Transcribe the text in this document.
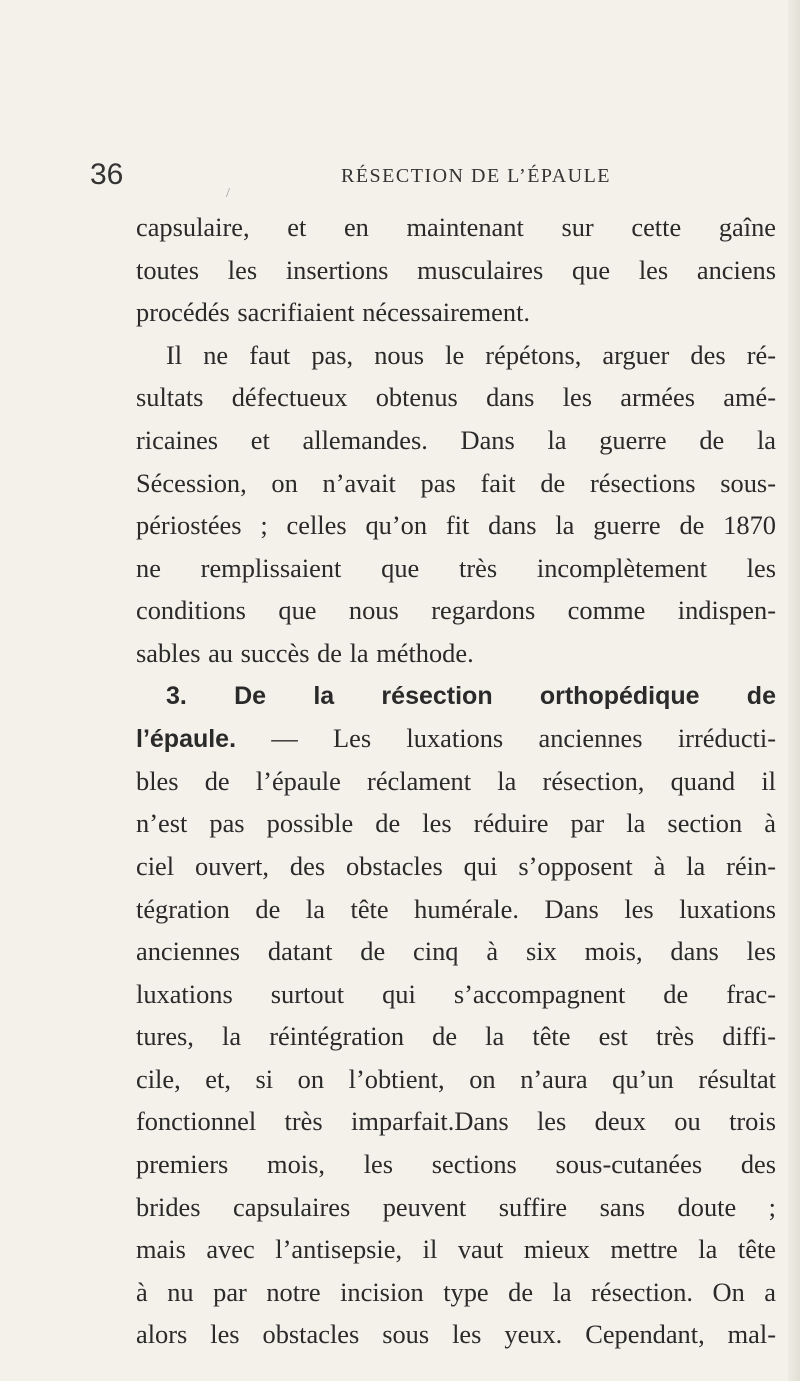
36	RÉSECTION DE L’ÉPAULE
/
capsulaire, et en maintenant sur cette gaîne
toutes les insertions musculaires que les anciens
procédés sacrifiaient nécessairement.
Il ne faut pas, nous le répétons, arguer des ré-
sultats défectueux obtenus dans les armées amé-
ricaines et allemandes. Dans la guerre de la
Sécession, on n’avait pas fait de résections sous-
périostées ; celles qu’on fit dans la guerre de 1870
ne remplissaient que très incomplètement les
conditions que nous regardons comme indispen-
sables au succès de la méthode.
3. De la résection orthopédique de
l’épaule. — Les luxations anciennes irréducti-
bles de l’épaule réclament la résection, quand il
n’est pas possible de les réduire par la section à
ciel ouvert, des obstacles qui s’opposent à la réin-
tégration de la tête humérale. Dans les luxations
anciennes datant de cinq à six mois, dans les
luxations surtout qui s’accompagnent de frac-
tures, la réintégration de la tête est très diffi-
cile, et, si on l’obtient, on n’aura qu’un résultat
fonctionnel très imparfait.Dans les deux ou trois
premiers mois, les sections sous-cutanées des
brides capsulaires peuvent suffire sans doute ;
mais avec l’antisepsie, il vaut mieux mettre la tête
à nu par notre incision type de la résection. On a
alors les obstacles sous les yeux. Cependant, mal-
